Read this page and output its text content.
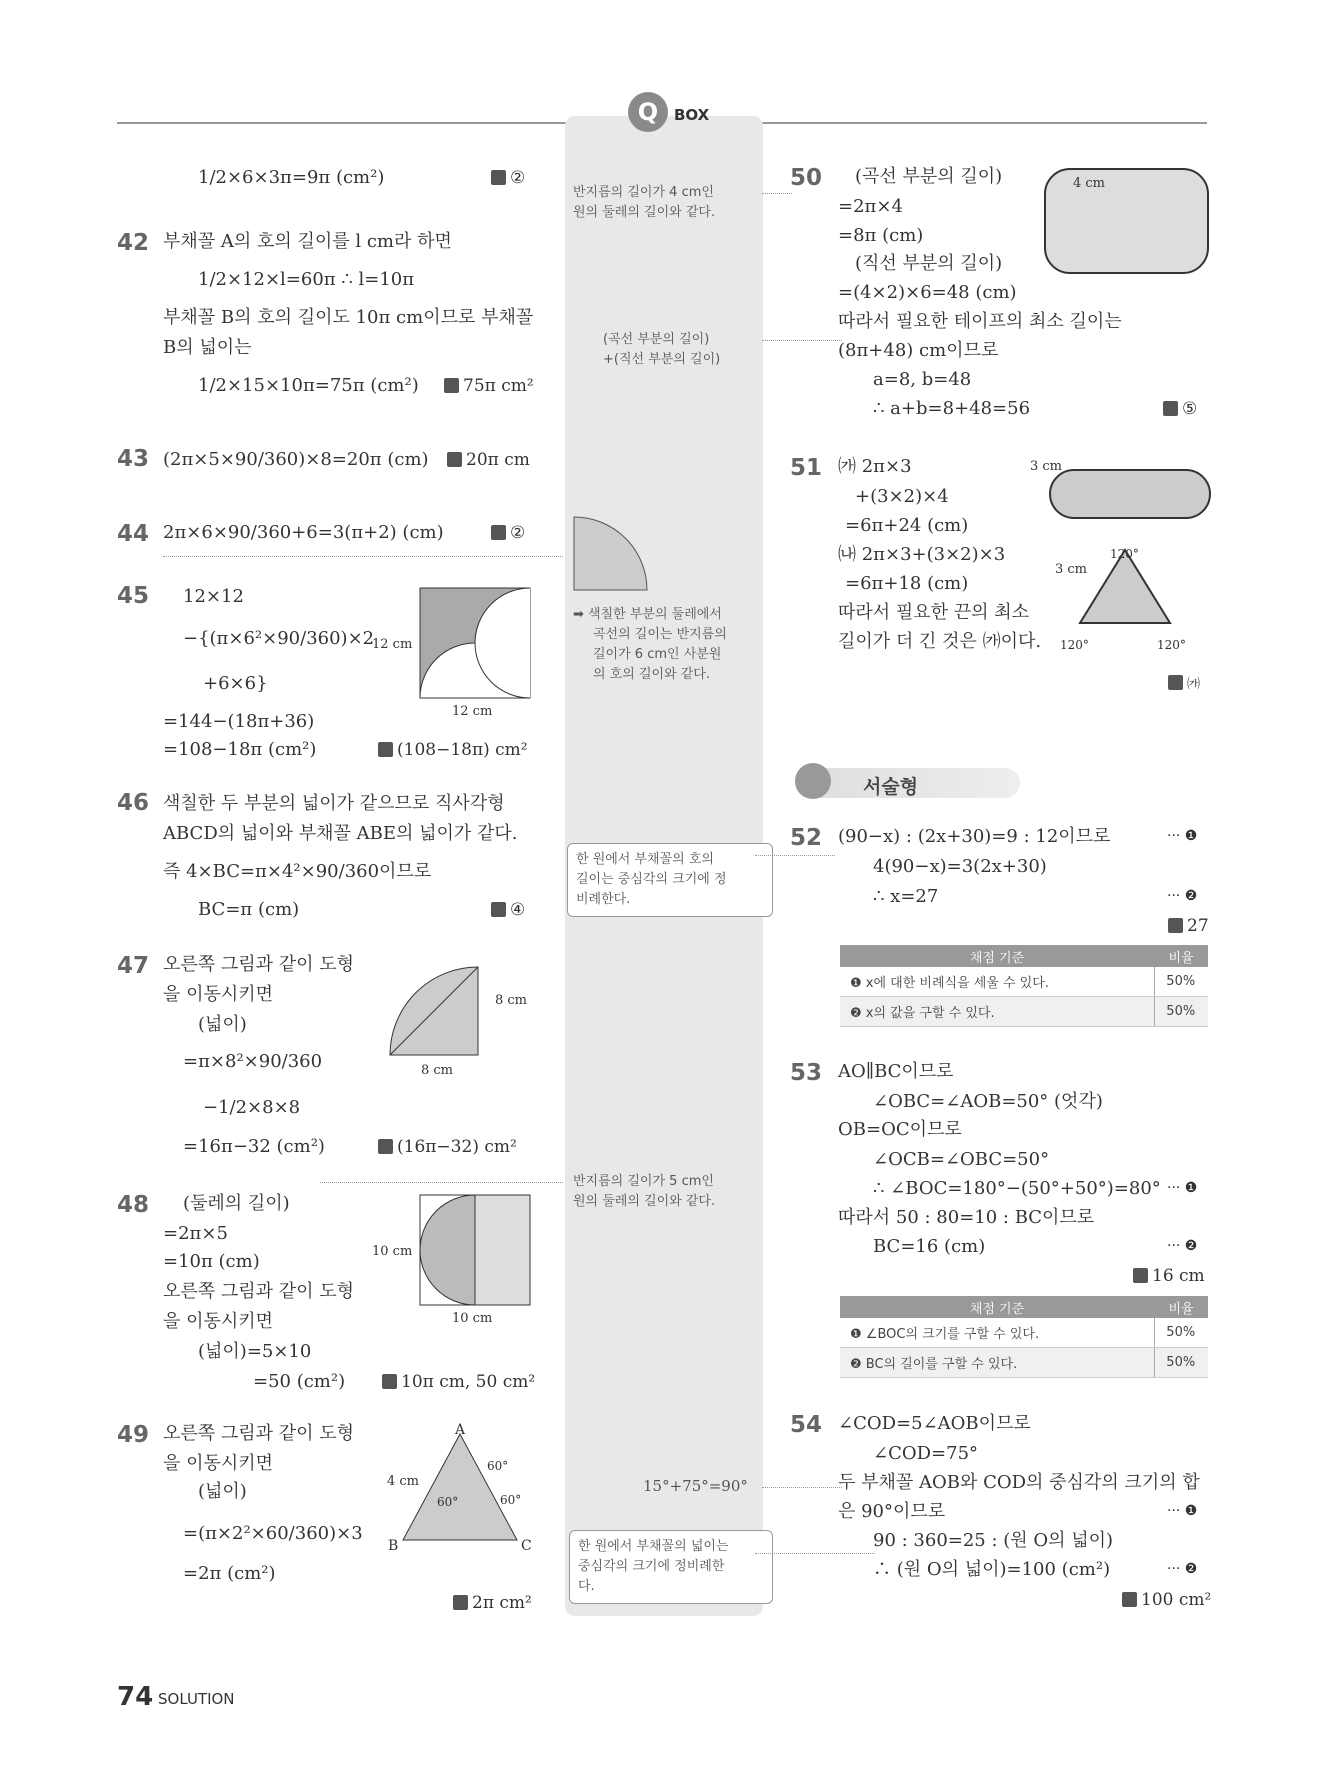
Q	BOX
1/2×6×3π=9π (cm²)	②
42 부채꼴 A의 호의 길이를 l cm라 하면
1/2×12×l=60π ∴ l=10π
부채꼴 B의 호의 길이도 10π cm이므로 부채꼴
B의 넓이는
1/2×15×10π=75π (cm²)	75π cm²
43 (2π×5×90/360)×8=20π (cm)	20π cm
44 2π×6×90/360+6=3(π+2) (cm)	②
45 12×12
−{(π×6²×90/360)×2
+6×6}
=144−(18π+36)
=108−18π (cm²)
12 cm
12 cm
(108−18π) cm²
46 색칠한 두 부분의 넓이가 같으므로 직사각형
ABCD의 넓이와 부채꼴 ABE의 넓이가 같다.
즉 4×BC=π×4²×90/360이므로
BC=π (cm)	④
47 오른쪽 그림과 같이 도형
을 이동시키면
(넓이)
=π×8²×90/360
−1/2×8×8
=16π−32 (cm²)
8 cm
8 cm
(16π−32) cm²
48 (둘레의 길이)
=2π×5
=10π (cm)
오른쪽 그림과 같이 도형
을 이동시키면
(넓이)=5×10
=50 (cm²)
10 cm
10 cm
10π cm, 50 cm²
49 오른쪽 그림과 같이 도형
을 이동시키면
(넓이)
=(π×2²×60/360)×3
=2π (cm²)
A
B	C
4 cm
60°
60°	60°
2π cm²
반지름의 길이가 4 cm인
원의 둘레의 길이와 같다.
(곡선 부분의 길이)
+(직선 부분의 길이)
➡ 색칠한 부분의 둘레에서
곡선의 길이는 반지름의
길이가 6 cm인 사분원
의 호의 길이와 같다.
한 원에서 부채꼴의 호의
길이는 중심각의 크기에 정
비례한다.
반지름의 길이가 5 cm인
원의 둘레의 길이와 같다.
15°+75°=90°
한 원에서 부채꼴의 넓이는
중심각의 크기에 정비례한
다.
50 (곡선 부분의 길이)
=2π×4
=8π (cm)
(직선 부분의 길이)
=(4×2)×6=48 (cm)
따라서 필요한 테이프의 최소 길이는
(8π+48) cm이므로
a=8, b=48
∴ a+b=8+48=56
4 cm
⑤
51 ㈎ 2π×3
+(3×2)×4
=6π+24 (cm)
㈏ 2π×3+(3×2)×3
=6π+18 (cm)
따라서 필요한 끈의 최소
길이가 더 긴 것은 ㈎이다.
3 cm
3 cm
120°
120°	120°
㈎
서술형
52 (90−x) : (2x+30)=9 : 12이므로
4(90−x)=3(2x+30)
∴ x=27
··· ❶
··· ❷
27
채점 기준	비율
❶ x에 대한 비례식을 세울 수 있다.	50%
❷ x의 값을 구할 수 있다.	50%
53 AO∥BC이므로
∠OBC=∠AOB=50° (엇각)
OB=OC이므로
∠OCB=∠OBC=50°
∴ ∠BOC=180°−(50°+50°)=80°
따라서 50 : 80=10 : BC이므로
BC=16 (cm)
··· ❶
··· ❷
16 cm
채점 기준	비율
❶ ∠BOC의 크기를 구할 수 있다.	50%
❷ BC의 길이를 구할 수 있다.	50%
54 ∠COD=5∠AOB이므로
∠COD=75°
두 부채꼴 AOB와 COD의 중심각의 크기의 합
은 90°이므로
90 : 360=25 : (원 O의 넓이)
∴ (원 O의 넓이)=100 (cm²)
··· ❶
··· ❷
100 cm²
74 SOLUTION
